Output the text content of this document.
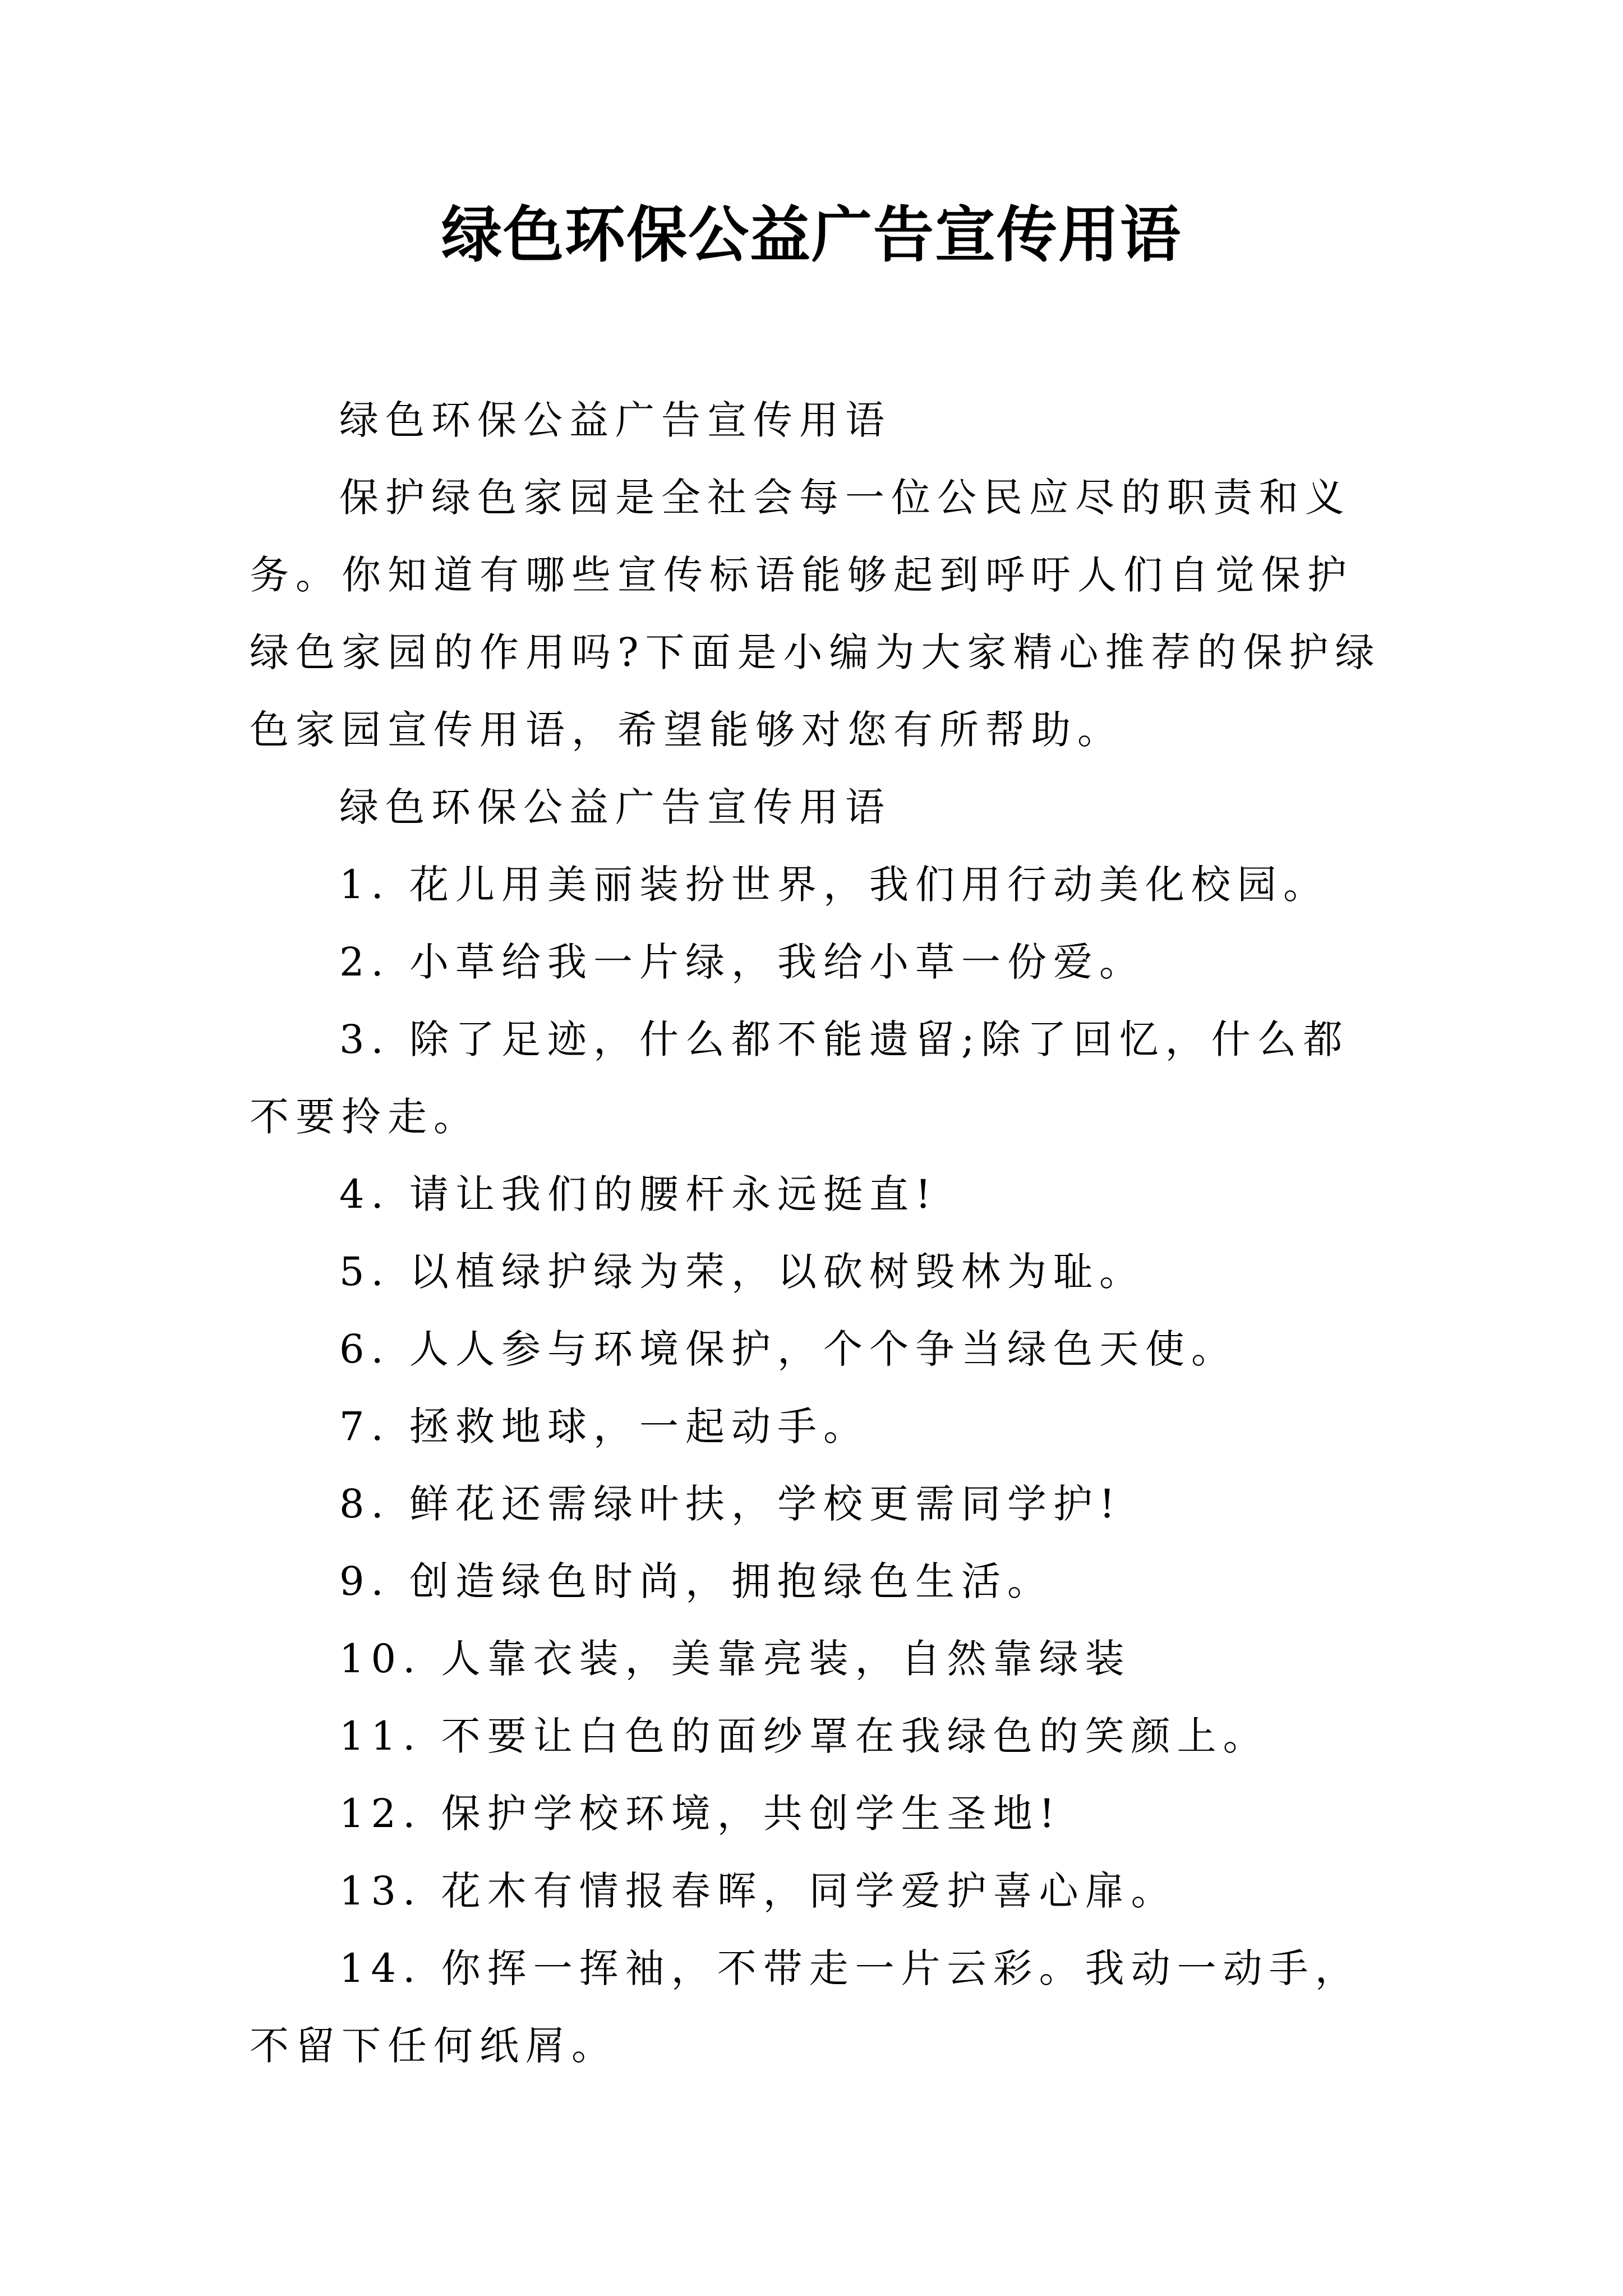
绿色环保公益广告宣传用语

绿色环保公益广告宣传用语

保护绿色家园是全社会每一位公民应尽的职责和义务。你知道有哪些宣传标语能够起到呼吁人们自觉保护绿色家园的作用吗?下面是小编为大家精心推荐的保护绿色家园宣传用语，希望能够对您有所帮助。

绿色环保公益广告宣传用语

1. 花儿用美丽装扮世界，我们用行动美化校园。

2. 小草给我一片绿，我给小草一份爱。

3. 除了足迹，什么都不能遗留;除了回忆，什么都不要拎走。

4. 请让我们的腰杆永远挺直!

5. 以植绿护绿为荣，以砍树毁林为耻。

6. 人人参与环境保护，个个争当绿色天使。

7. 拯救地球，一起动手。

8. 鲜花还需绿叶扶，学校更需同学护!

9. 创造绿色时尚，拥抱绿色生活。

10. 人靠衣装，美靠亮装，自然靠绿装

11. 不要让白色的面纱罩在我绿色的笑颜上。

12. 保护学校环境，共创学生圣地!

13. 花木有情报春晖，同学爱护喜心扉。

14. 你挥一挥袖，不带走一片云彩。我动一动手，不留下任何纸屑。
